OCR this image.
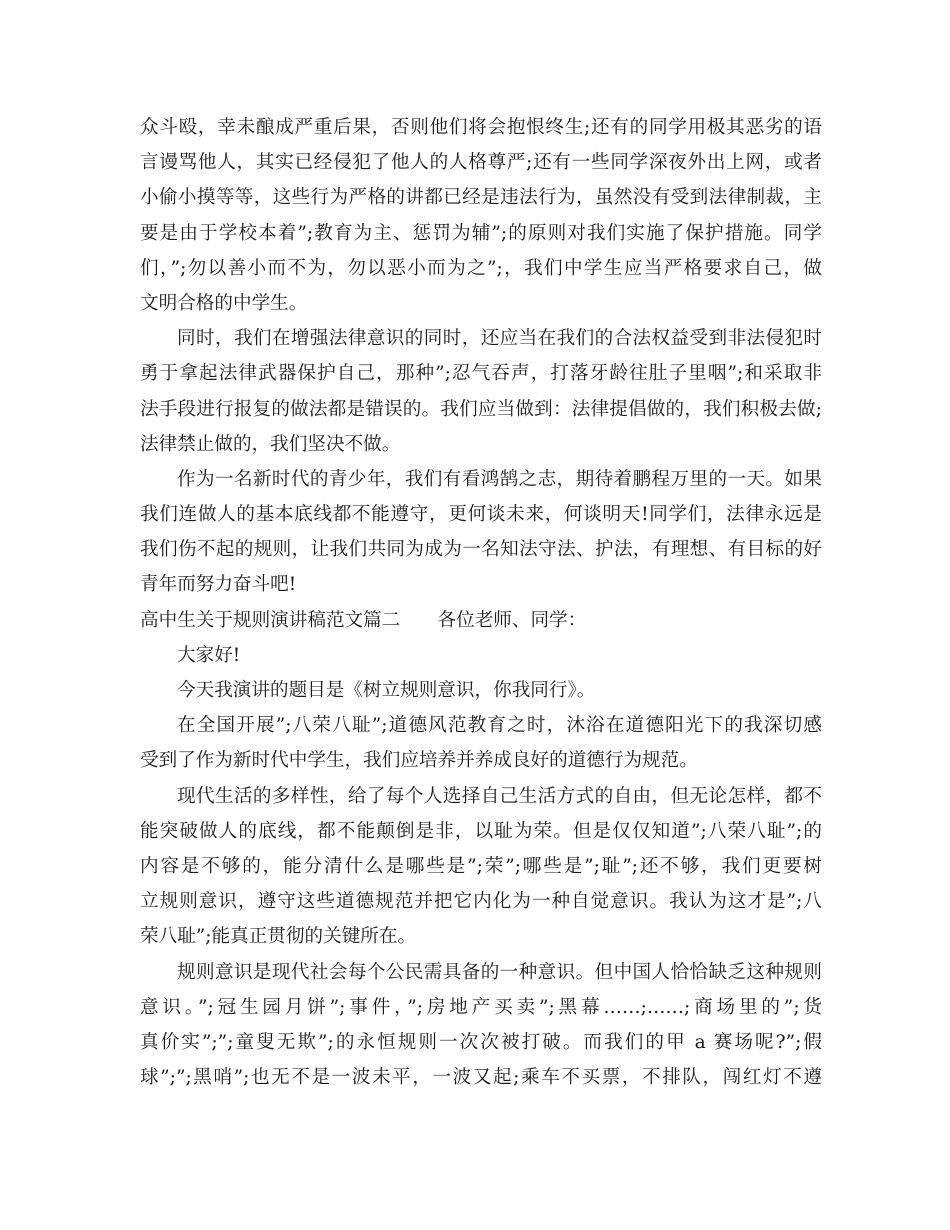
众斗殴，幸未酿成严重后果，否则他们将会抱恨终生;还有的同学用极其恶劣的语
言谩骂他人，其实已经侵犯了他人的人格尊严;还有一些同学深夜外出上网，或者
小偷小摸等等，这些行为严格的讲都已经是违法行为，虽然没有受到法律制裁，主
要是由于学校本着”;教育为主、惩罚为辅”;的原则对我们实施了保护措施。同学
们，”;勿以善小而不为，勿以恶小而为之”;，我们中学生应当严格要求自己，做
文明合格的中学生。
同时，我们在增强法律意识的同时，还应当在我们的合法权益受到非法侵犯时
勇于拿起法律武器保护自己，那种”;忍气吞声，打落牙龄往肚子里咽”;和采取非
法手段进行报复的做法都是错误的。我们应当做到：法律提倡做的，我们积极去做;
法律禁止做的，我们坚决不做。
作为一名新时代的青少年，我们有看鸿鹄之志，期待着鹏程万里的一天。如果
我们连做人的基本底线都不能遵守，更何谈未来，何谈明天!同学们，法律永远是
我们伤不起的规则，让我们共同为成为一名知法守法、护法，有理想、有目标的好
青年而努力奋斗吧!
高中生关于规则演讲稿范文篇二　　各位老师、同学：
大家好!
今天我演讲的题目是《树立规则意识，你我同行》。
在全国开展”;八荣八耻”;道德风范教育之时，沐浴在道德阳光下的我深切感
受到了作为新时代中学生，我们应培养并养成良好的道德行为规范。
现代生活的多样性，给了每个人选择自己生活方式的自由，但无论怎样，都不
能突破做人的底线，都不能颠倒是非，以耻为荣。但是仅仅知道”;八荣八耻”;的
内容是不够的，能分清什么是哪些是”;荣”;哪些是”;耻”;还不够，我们更要树
立规则意识，遵守这些道德规范并把它内化为一种自觉意识。我认为这才是”;八
荣八耻”;能真正贯彻的关键所在。
规则意识是现代社会每个公民需具备的一种意识。但中国人恰恰缺乏这种规则
意识。”;冠生园月饼”;事件，”;房地产买卖”;黑幕……;……;商场里的”;货
真价实”;”;童叟无欺”;的永恒规则一次次被打破。而我们的甲 a 赛场呢?”;假
球”;”;黑哨”;也无不是一波未平，一波又起;乘车不买票，不排队，闯红灯不遵
